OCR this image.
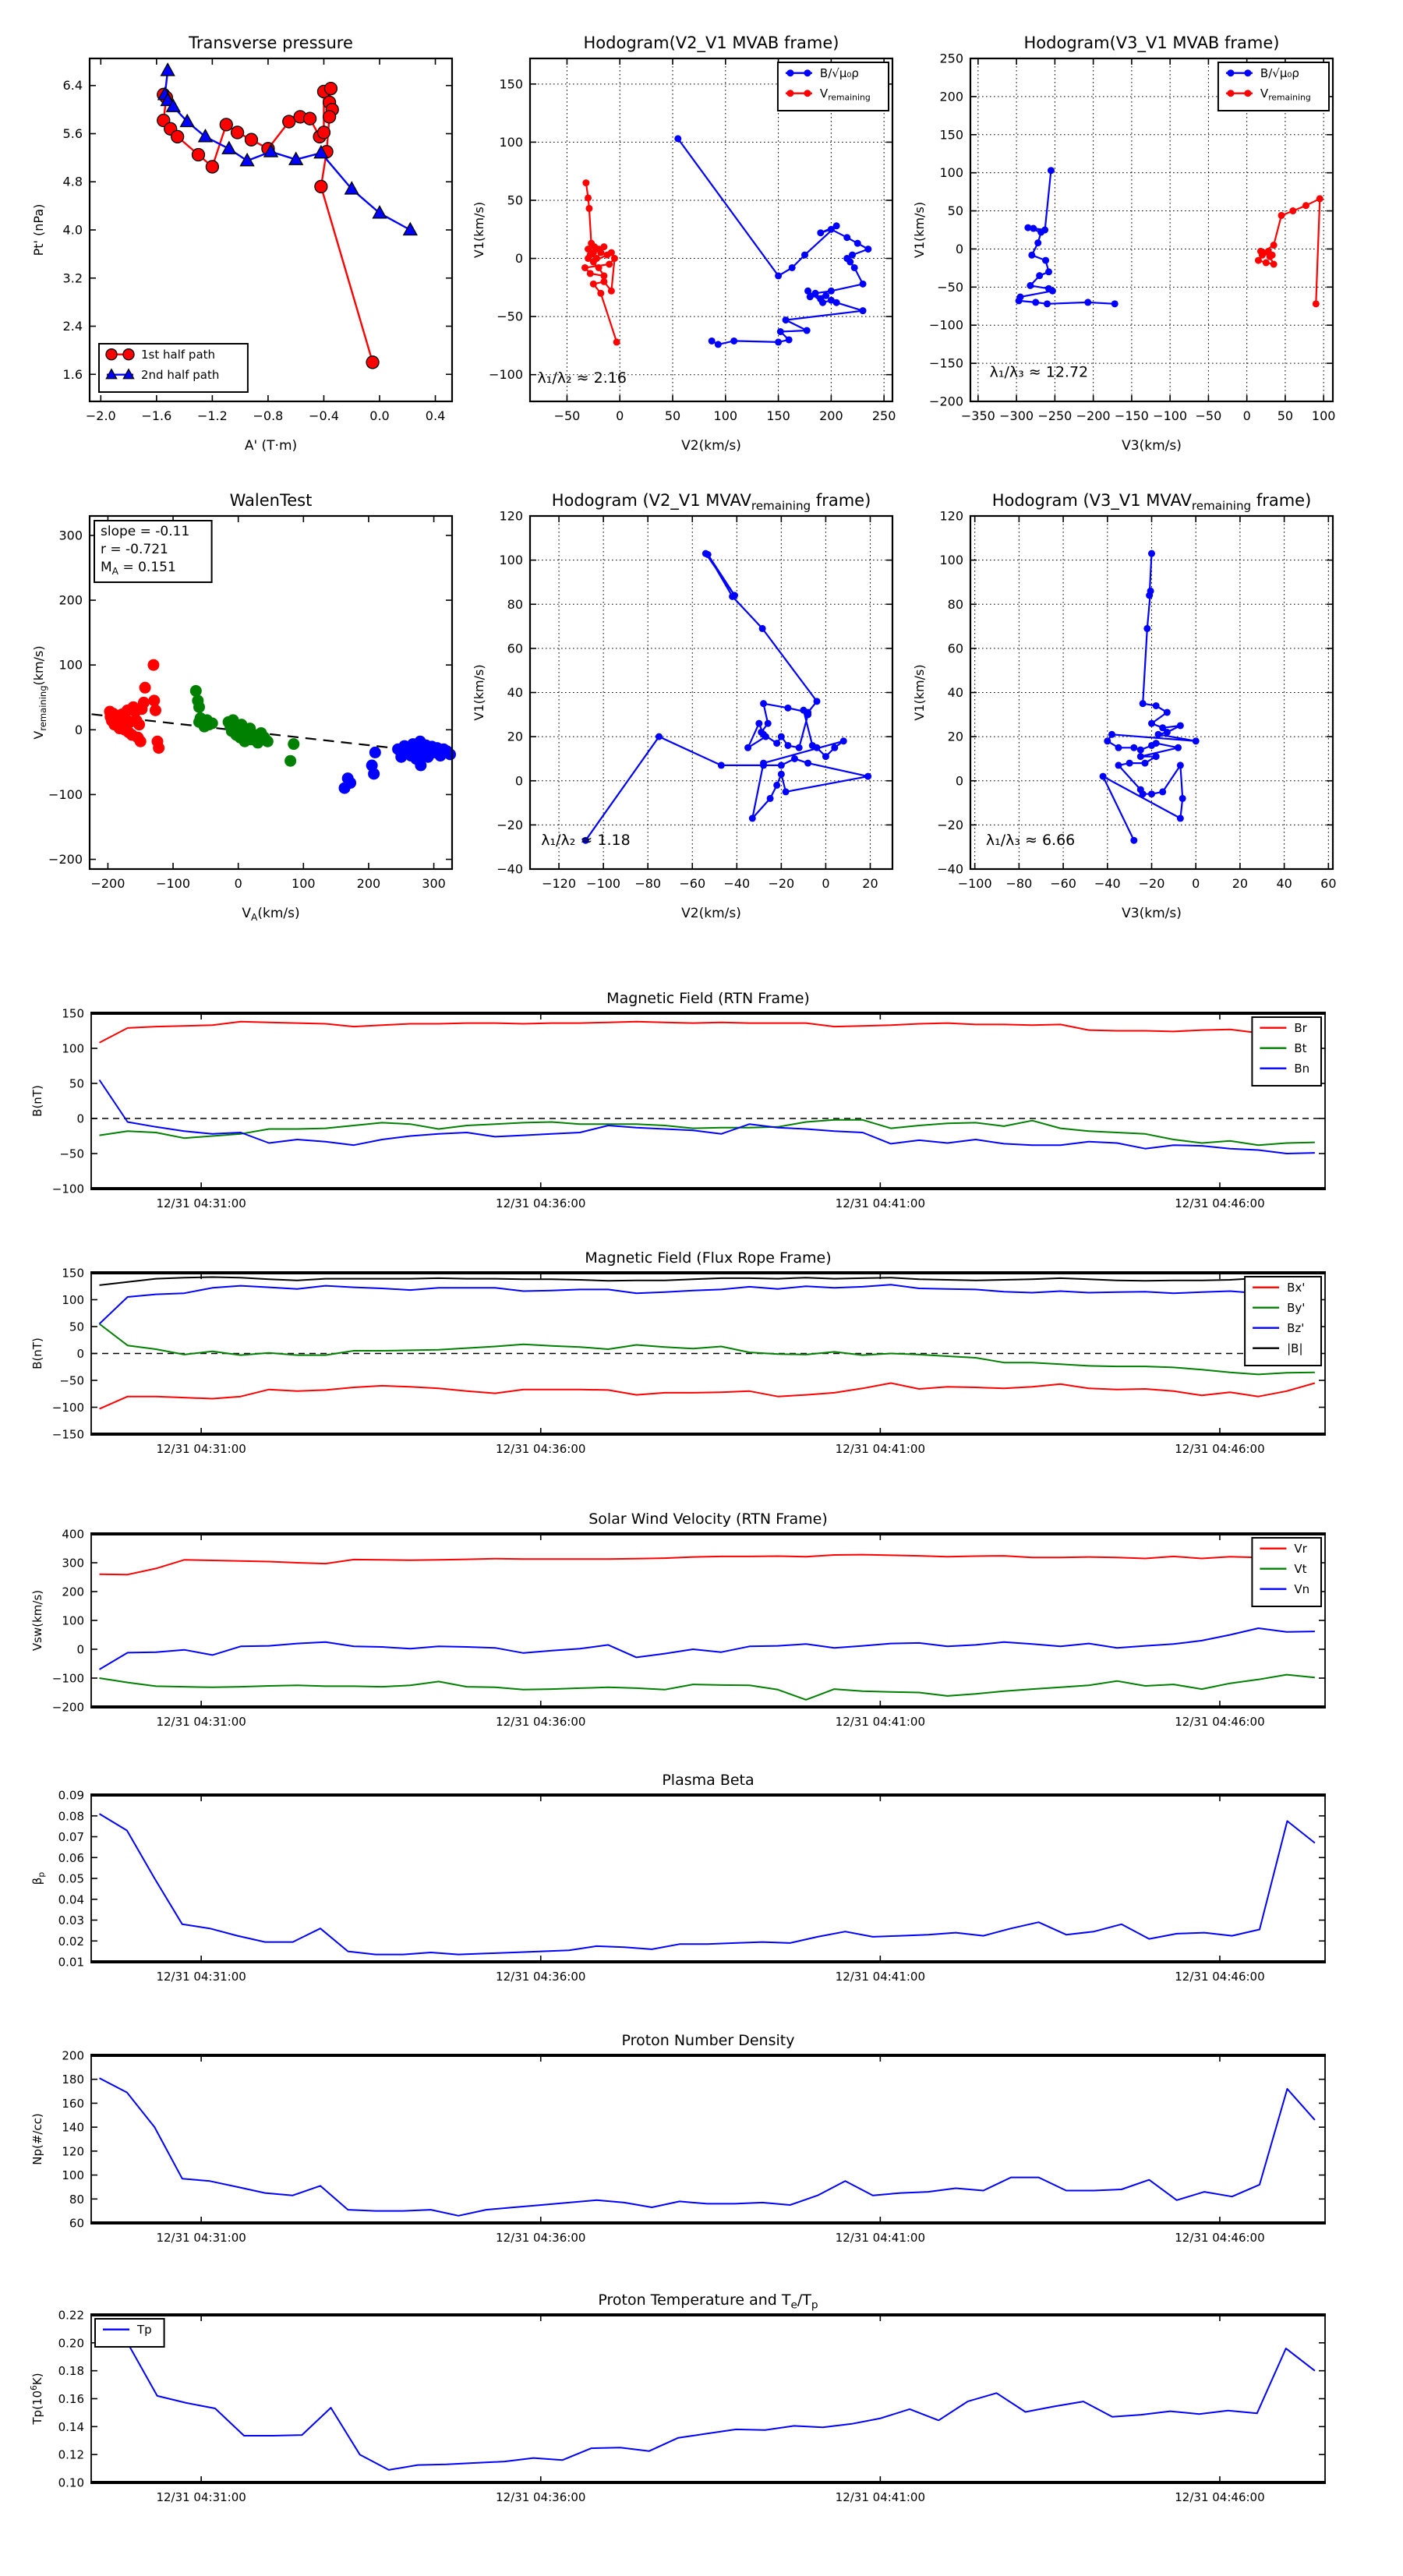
−2.0 −1.6 −1.2 −0.8 −0.4 0.0	0.4
1.6
2.4
3.2
4.0
4.8
5.6
6.4
Transverse pressure
A' (T·m)
Pt' (nPa)
1st half path
2nd half path
−50	0	50	100 150 200 250
−100
−50
0
50
100
150
Hodogram(V2_V1 MVAB frame)
V2(km/s)
V1(km/s)
λ₁/λ₂ ≈ 2.16
B/√μ₀ρ
$V_{remaining}$
−350 −300 −250 −200 −150 −100 −50 0 50 100
−200
−150
−100
−50
0
50
100
150
200
250
Hodogram(V3_V1 MVAB frame)
V3(km/s)
V1(km/s)
λ₁/λ₃ ≈ 12.72
B/√μ₀ρ
$V_{remaining}$
−200 −100	0	100	200	300
−200
−100
0
100
200
300
WalenTest
$V_A(km/s)$
$V_{remaining}(km/s)$
slope = -0.11
r = -0.721
$M_A = 0.151$
−120 −100 −80 −60 −40 −20 0	20
−40
−20
0
20
40
60
80
100
120
Hodogram (V2_V1 $MVAV_{remaining}$ frame)
V2(km/s)
V1(km/s)
λ₁/λ₂ ≈ 1.18
−100 −80 −60 −40 −20 0	20 40 60
−40
−20
0
20
40
60
80
100
120
Hodogram (V3_V1 $MVAV_{remaining}$ frame)
V3(km/s)
V1(km/s)
λ₁/λ₃ ≈ 6.66
12/31 04:31:00	12/31 04:36:00	12/31 04:41:00	12/31 04:46:00
−100
−50
0
50
100
150
Magnetic Field (RTN Frame)
B(nT)
Br
Bt
Bn
12/31 04:31:00	12/31 04:36:00	12/31 04:41:00	12/31 04:46:00
−150
−100
−50
0
50
100
150
Magnetic Field (Flux Rope Frame)
B(nT)
Bx'
By'
Bz'
|B|
12/31 04:31:00	12/31 04:36:00	12/31 04:41:00	12/31 04:46:00
−200
−100
0
100
200
300
400
Solar Wind Velocity (RTN Frame)
Vsw(km/s)
Vr
Vt
Vn
12/31 04:31:00	12/31 04:36:00	12/31 04:41:00	12/31 04:46:00
0.01
0.02
0.03
0.04
0.05
0.06
0.07
0.08
0.09
Plasma Beta
$\beta_p$
12/31 04:31:00	12/31 04:36:00	12/31 04:41:00	12/31 04:46:00
60
80
100
120
140
160
180
200
Proton Number Density
Np(#/cc)
12/31 04:31:00	12/31 04:36:00	12/31 04:41:00	12/31 04:46:00
0.10
0.12
0.14
0.16
0.18
0.20
0.22
Proton Temperature and $T_e/T_p$
$Tp(10^6K)$
Tp
